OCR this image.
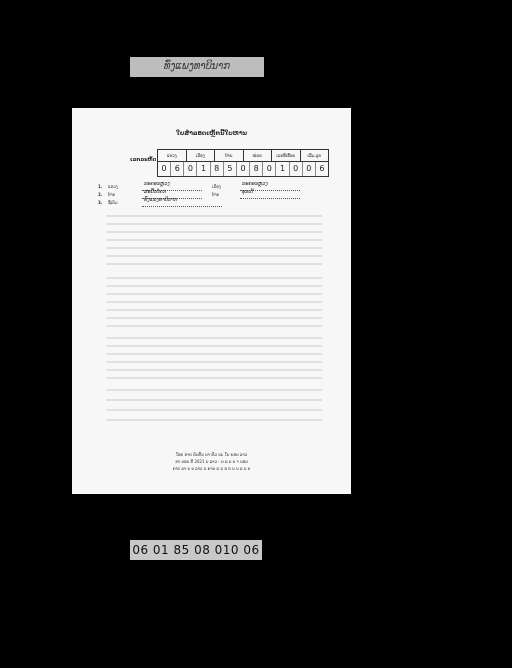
ທົ່ງແພງທາບິນາກ
ໃບສໍາລອດເຫຼັກນີ້ໃບຫານ
ເລກລະຫັດ
ແຂວງ	ເມືອງ	ບ້ານ	ໜ່ວຍ	ເລກທີ່ເຮືອນ	ເລີ່ມ,ລຸກ
0	6	0	1	8	5	0	8	0	1	0	0	6
1. ແຂວງ	ນະຄອນຫຼວງ	ເມືອງ	ນະຄອນຫຼວງ
2. ບ້ານ	ສະນັ້ນໂຄກ	ບ້ານ	ອຸນເດີ
3. ຊື່ເຕັມ	ທົ່ງແພງທາບິນາກ
ໃອຍ ກາບ ຄົນຕົ້ນ ນາ ຫົ່ວ ນະ ໃນ ຍອນ ລາວ
ກາ ນອນ ກີ 2021 ນ ລາວ - ນ ລ ນ ນ າ ນອນ
ກາບ ລາ ນ ນ ລາວ ນ ຄານ ແ ນ ກ ຕ ນ ນ ລ ນ ນ
06 01 85 08 010 06
